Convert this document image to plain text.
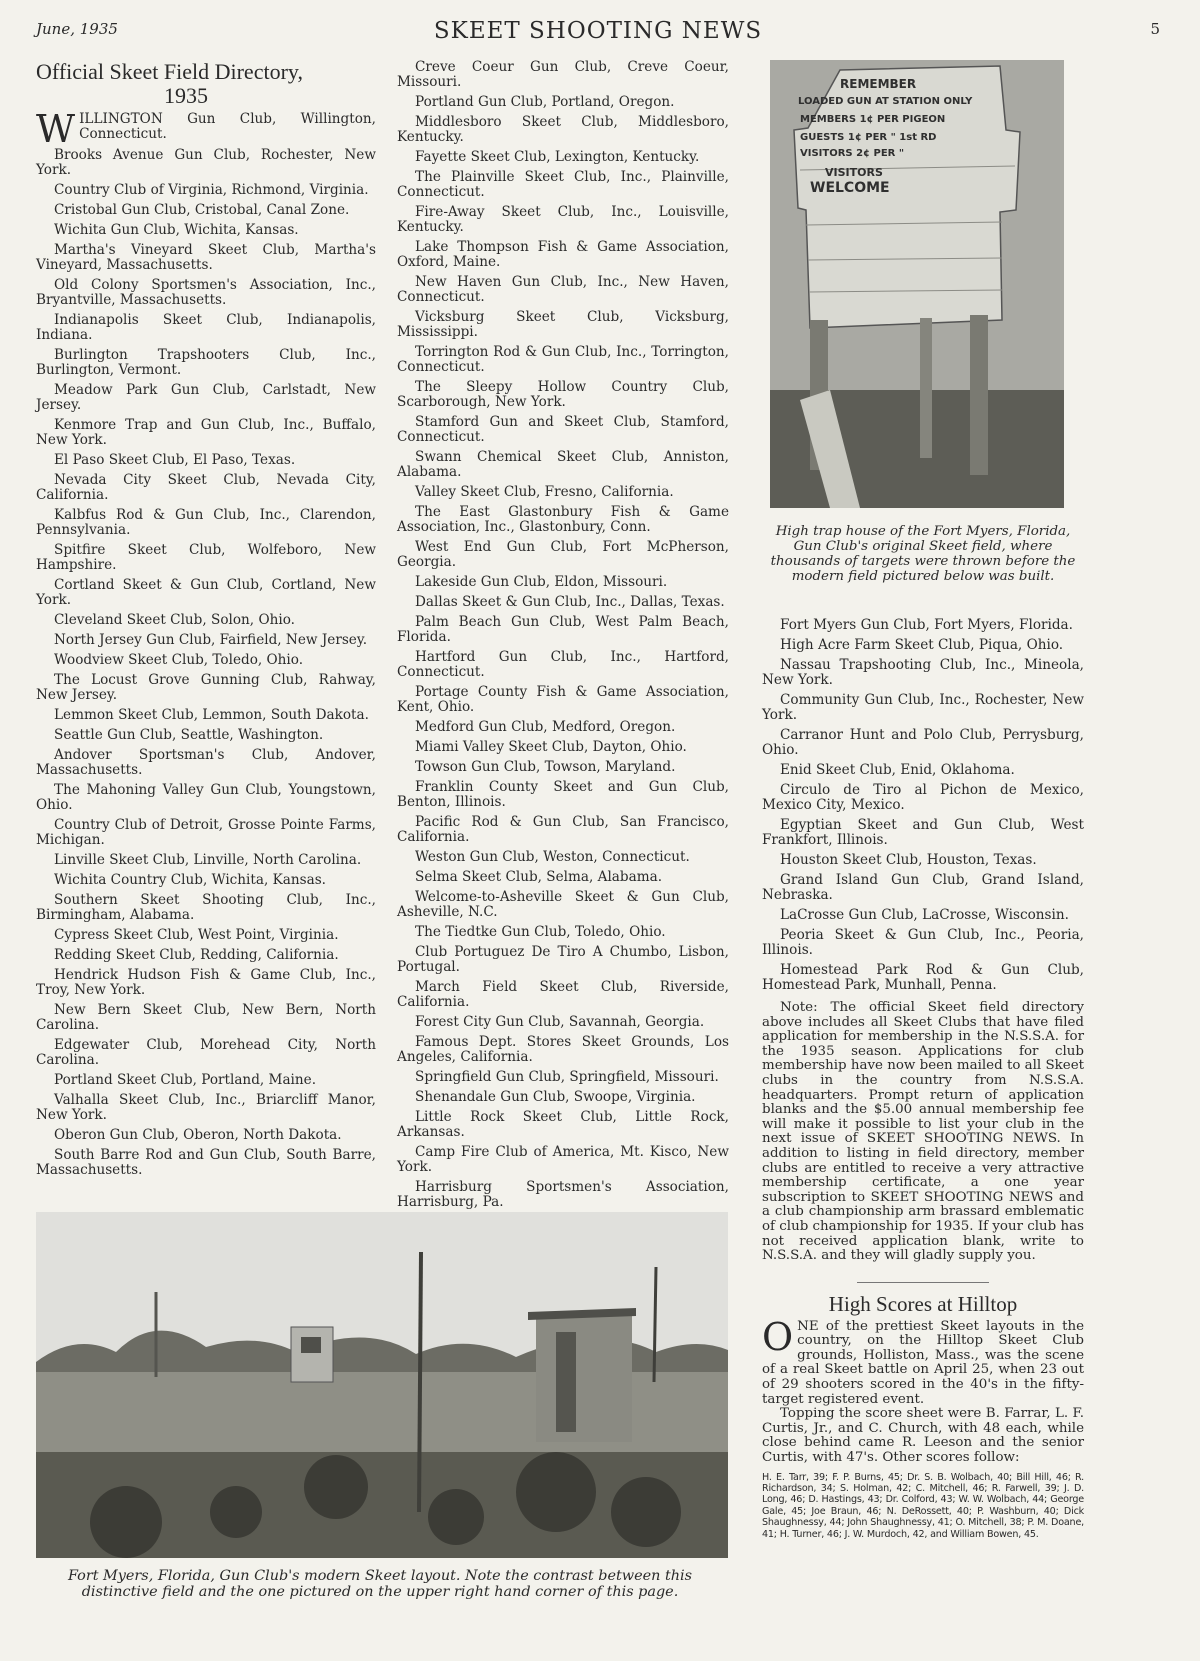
June, 1935	SKEET SHOOTING NEWS	5
Official Skeet Field Directory,
1935

WILLINGTON Gun Club, Willington, Connecticut.

Brooks Avenue Gun Club, Rochester, New York.

Country Club of Virginia, Richmond, Virginia.

Cristobal Gun Club, Cristobal, Canal Zone.

Wichita Gun Club, Wichita, Kansas.

Martha's Vineyard Skeet Club, Martha's Vineyard, Massachusetts.

Old Colony Sportsmen's Association, Inc., Bryantville, Massachusetts.

Indianapolis Skeet Club, Indianapolis, Indiana.

Burlington Trapshooters Club, Inc., Burlington, Vermont.

Meadow Park Gun Club, Carlstadt, New Jersey.

Kenmore Trap and Gun Club, Inc., Buffalo, New York.

El Paso Skeet Club, El Paso, Texas.

Nevada City Skeet Club, Nevada City, California.

Kalbfus Rod & Gun Club, Inc., Clarendon, Pennsylvania.

Spitfire Skeet Club, Wolfeboro, New Hampshire.

Cortland Skeet & Gun Club, Cortland, New York.

Cleveland Skeet Club, Solon, Ohio.

North Jersey Gun Club, Fairfield, New Jersey.

Woodview Skeet Club, Toledo, Ohio.

The Locust Grove Gunning Club, Rahway, New Jersey.

Lemmon Skeet Club, Lemmon, South Dakota.

Seattle Gun Club, Seattle, Washington.

Andover Sportsman's Club, Andover, Massachusetts.

The Mahoning Valley Gun Club, Youngstown, Ohio.

Country Club of Detroit, Grosse Pointe Farms, Michigan.

Linville Skeet Club, Linville, North Carolina.

Wichita Country Club, Wichita, Kansas.

Southern Skeet Shooting Club, Inc., Birmingham, Alabama.

Cypress Skeet Club, West Point, Virginia.

Redding Skeet Club, Redding, California.

Hendrick Hudson Fish & Game Club, Inc., Troy, New York.

New Bern Skeet Club, New Bern, North Carolina.

Edgewater Club, Morehead City, North Carolina.

Portland Skeet Club, Portland, Maine.

Valhalla Skeet Club, Inc., Briarcliff Manor, New York.

Oberon Gun Club, Oberon, North Dakota.

South Barre Rod and Gun Club, South Barre, Massachusetts.

Creve Coeur Gun Club, Creve Coeur, Missouri.

Portland Gun Club, Portland, Oregon.

Middlesboro Skeet Club, Middlesboro, Kentucky.

Fayette Skeet Club, Lexington, Kentucky.

The Plainville Skeet Club, Inc., Plainville, Connecticut.

Fire-Away Skeet Club, Inc., Louisville, Kentucky.

Lake Thompson Fish & Game Association, Oxford, Maine.

New Haven Gun Club, Inc., New Haven, Connecticut.

Vicksburg Skeet Club, Vicksburg, Mississippi.

Torrington Rod & Gun Club, Inc., Torrington, Connecticut.

The Sleepy Hollow Country Club, Scarborough, New York.

Stamford Gun and Skeet Club, Stamford, Connecticut.

Swann Chemical Skeet Club, Anniston, Alabama.

Valley Skeet Club, Fresno, California.

The East Glastonbury Fish & Game Association, Inc., Glastonbury, Conn.

West End Gun Club, Fort McPherson, Georgia.

Lakeside Gun Club, Eldon, Missouri.

Dallas Skeet & Gun Club, Inc., Dallas, Texas.

Palm Beach Gun Club, West Palm Beach, Florida.

Hartford Gun Club, Inc., Hartford, Connecticut.

Portage County Fish & Game Association, Kent, Ohio.

Medford Gun Club, Medford, Oregon.

Miami Valley Skeet Club, Dayton, Ohio.

Towson Gun Club, Towson, Maryland.

Franklin County Skeet and Gun Club, Benton, Illinois.

Pacific Rod & Gun Club, San Francisco, California.

Weston Gun Club, Weston, Connecticut.

Selma Skeet Club, Selma, Alabama.

Welcome-to-Asheville Skeet & Gun Club, Asheville, N.C.

The Tiedtke Gun Club, Toledo, Ohio.

Club Portuguez De Tiro A Chumbo, Lisbon, Portugal.

March Field Skeet Club, Riverside, California.

Forest City Gun Club, Savannah, Georgia.

Famous Dept. Stores Skeet Grounds, Los Angeles, California.

Springfield Gun Club, Springfield, Missouri.

Shenandale Gun Club, Swoope, Virginia.

Little Rock Skeet Club, Little Rock, Arkansas.

Camp Fire Club of America, Mt. Kisco, New York.

Harrisburg Sportsmen's Association, Harrisburg, Pa.

REMEMBER
LOADED GUN AT STATION ONLY
MEMBERS 1¢ PER PIGEON
GUESTS 1¢ PER " 1st RD
VISITORS 2¢ PER "
VISITORS
WELCOME
High trap house of the Fort Myers, Florida, Gun Club's original Skeet field, where thousands of targets were thrown before the modern field pictured below was built.

Fort Myers Gun Club, Fort Myers, Florida.

High Acre Farm Skeet Club, Piqua, Ohio.

Nassau Trapshooting Club, Inc., Mineola, New York.

Community Gun Club, Inc., Rochester, New York.

Carranor Hunt and Polo Club, Perrysburg, Ohio.

Enid Skeet Club, Enid, Oklahoma.

Circulo de Tiro al Pichon de Mexico, Mexico City, Mexico.

Egyptian Skeet and Gun Club, West Frankfort, Illinois.

Houston Skeet Club, Houston, Texas.

Grand Island Gun Club, Grand Island, Nebraska.

LaCrosse Gun Club, LaCrosse, Wisconsin.

Peoria Skeet & Gun Club, Inc., Peoria, Illinois.

Homestead Park Rod & Gun Club, Homestead Park, Munhall, Penna.

Note: The official Skeet field directory above includes all Skeet Clubs that have filed application for membership in the N.S.S.A. for the 1935 season. Applications for club membership have now been mailed to all Skeet clubs in the country from N.S.S.A. headquarters. Prompt return of application blanks and the $5.00 annual membership fee will make it possible to list your club in the next issue of SKEET SHOOTING NEWS. In addition to listing in field directory, member clubs are entitled to receive a very attractive membership certificate, a one year subscription to SKEET SHOOTING NEWS and a club championship arm brassard emblematic of club championship for 1935. If your club has not received application blank, write to N.S.S.A. and they will gladly supply you.

High Scores at Hilltop

ONE of the prettiest Skeet layouts in the country, on the Hilltop Skeet Club grounds, Holliston, Mass., was the scene of a real Skeet battle on April 25, when 23 out of 29 shooters scored in the 40's in the fifty-target registered event.

Topping the score sheet were B. Farrar, L. F. Curtis, Jr., and C. Church, with 48 each, while close behind came R. Leeson and the senior Curtis, with 47's. Other scores follow:

H. E. Tarr, 39; F. P. Burns, 45; Dr. S. B. Wolbach, 40; Bill Hill, 46; R. Richardson, 34; S. Holman, 42; C. Mitchell, 46; R. Farwell, 39; J. D. Long, 46; D. Hastings, 43; Dr. Colford, 43; W. W. Wolbach, 44; George Gale, 45; Joe Braun, 46; N. DeRossett, 40; P. Washburn, 40; Dick Shaughnessy, 44; John Shaughnessy, 41; O. Mitchell, 38; P. M. Doane, 41; H. Turner, 46; J. W. Murdoch, 42, and William Bowen, 45.

Fort Myers, Florida, Gun Club's modern Skeet layout. Note the contrast between this
distinctive field and the one pictured on the upper right hand corner of this page.
